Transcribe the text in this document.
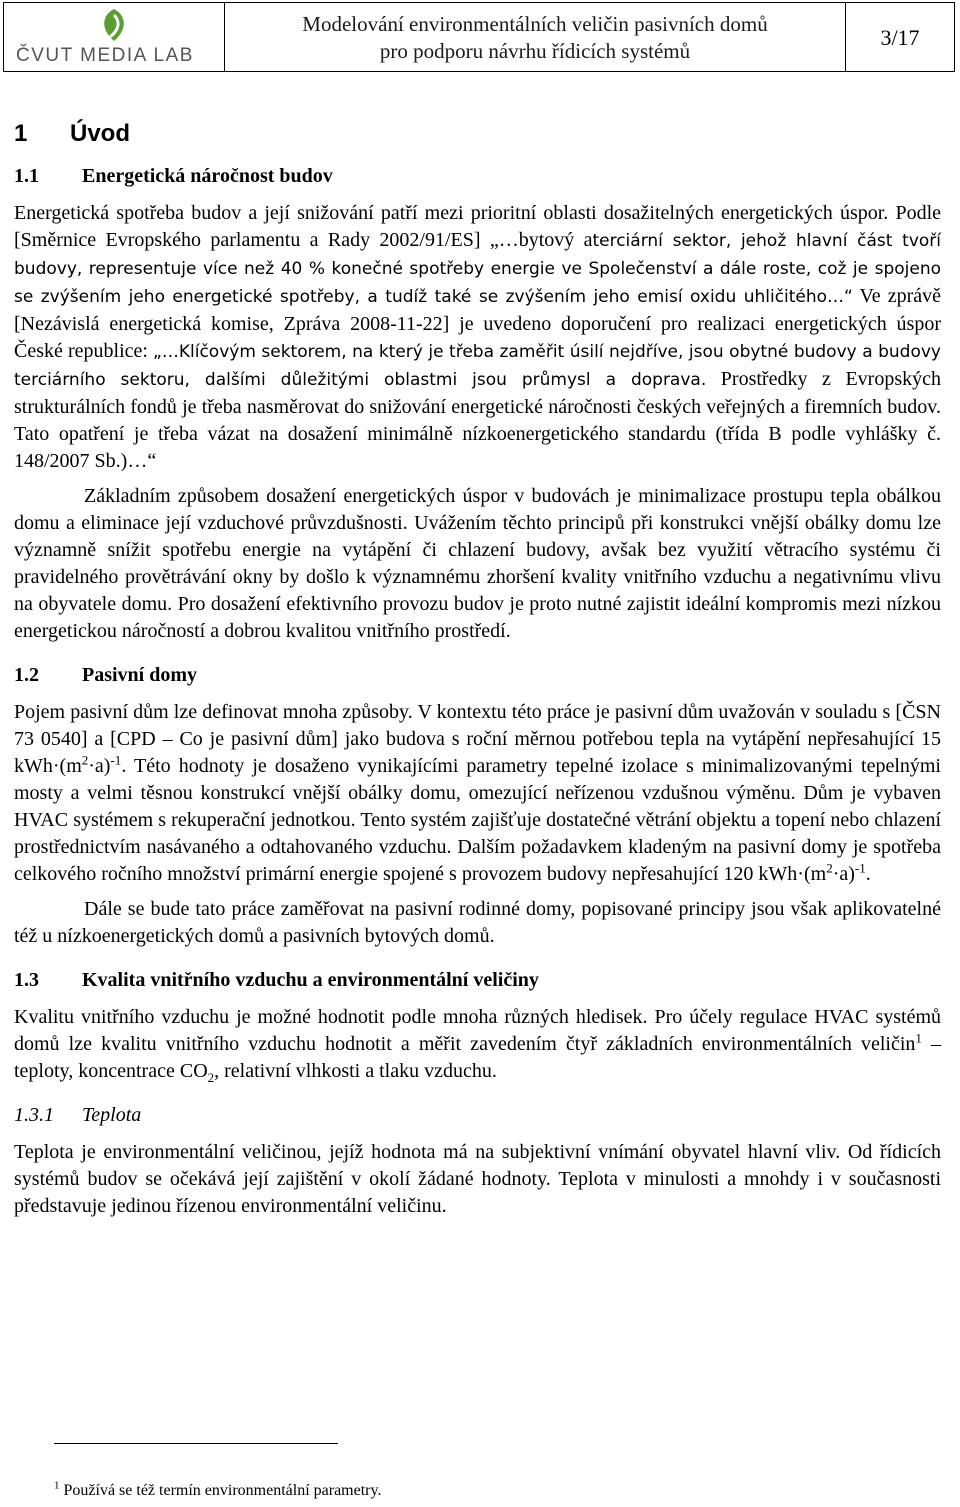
ČVUT MEDIA LAB
Modelování environmentálních veličin pasivních domů
pro podporu návrhu řídicích systémů
3/17
1 Úvod
1.1 Energetická náročnost budov

Energetická spotřeba budov a její snižování patří mezi prioritní oblasti dosažitelných energetických úspor. Podle [Směrnice Evropského parlamentu a Rady 2002/91/ES] „…bytový aterciární sektor, jehož hlavní část tvoří budovy, representuje více než 40 % konečné spotřeby energie ve Společenství a dále roste, což je spojeno se zvýšením jeho energetické spotřeby, a tudíž také se zvýšením jeho emisí oxidu uhličitého…“ Ve zprávě [Nezávislá energetická komise, Zpráva 2008-11-22] je uvedeno doporučení pro realizaci energetických úspor České republice: „…Klíčovým sektorem, na který je třeba zaměřit úsilí nejdříve, jsou obytné budovy a budovy terciárního sektoru, dalšími důležitými oblastmi jsou průmysl a doprava. Prostředky z Evropských strukturálních fondů je třeba nasměrovat do snižování energetické náročnosti českých veřejných a firemních budov. Tato opatření je třeba vázat na dosažení minimálně nízkoenergetického standardu (třída B podle vyhlášky č. 148/2007 Sb.)…“

Základním způsobem dosažení energetických úspor v budovách je minimalizace prostupu tepla obálkou domu a eliminace její vzduchové průvzdušnosti. Uvážením těchto principů při konstrukci vnější obálky domu lze významně snížit spotřebu energie na vytápění či chlazení budovy, avšak bez využití větracího systému či pravidelného provětrávání okny by došlo k významnému zhoršení kvality vnitřního vzduchu a negativnímu vlivu na obyvatele domu. Pro dosažení efektivního provozu budov je proto nutné zajistit ideální kompromis mezi nízkou energetickou náročností a dobrou kvalitou vnitřního prostředí.

1.2 Pasivní domy

Pojem pasivní dům lze definovat mnoha způsoby. V kontextu této práce je pasivní dům uvažován v souladu s [ČSN 73 0540] a [CPD – Co je pasivní dům] jako budova s roční měrnou potřebou tepla na vytápění nepřesahující 15 $kWh\cdot(m^2\cdot a)^{-1}$. Této hodnoty je dosaženo vynikajícími parametry tepelné izolace s minimalizovanými tepelnými mosty a velmi těsnou konstrukcí vnější obálky domu, omezující neřízenou vzdušnou výměnu. Dům je vybaven HVAC systémem s rekuperační jednotkou. Tento systém zajišťuje dostatečné větrání objektu a topení nebo chlazení prostřednictvím nasávaného a odtahovaného vzduchu. Dalším požadavkem kladeným na pasivní domy je spotřeba celkového ročního množství primární energie spojené s provozem budovy nepřesahující 120 $kWh\cdot(m^2\cdot a)^{-1}$.

Dále se bude tato práce zaměřovat na pasivní rodinné domy, popisované principy jsou však aplikovatelné též u nízkoenergetických domů a pasivních bytových domů.

1.3 Kvalita vnitřního vzduchu a environmentální veličiny

Kvalitu vnitřního vzduchu je možné hodnotit podle mnoha různých hledisek. Pro účely regulace HVAC systémů domů lze kvalitu vnitřního vzduchu hodnotit a měřit zavedením čtyř základních environmentálních veličin$^1$ – teploty, koncentrace $CO_2$, relativní vlhkosti a tlaku vzduchu.

1.3.1 Teplota

Teplota je environmentální veličinou, jejíž hodnota má na subjektivní vnímání obyvatel hlavní vliv. Od řídicích systémů budov se očekává její zajištění v okolí žádané hodnoty. Teplota v minulosti a mnohdy i v současnosti představuje jedinou řízenou environmentální veličinu.

$^1$ Používá se též termín environmentální parametry.
